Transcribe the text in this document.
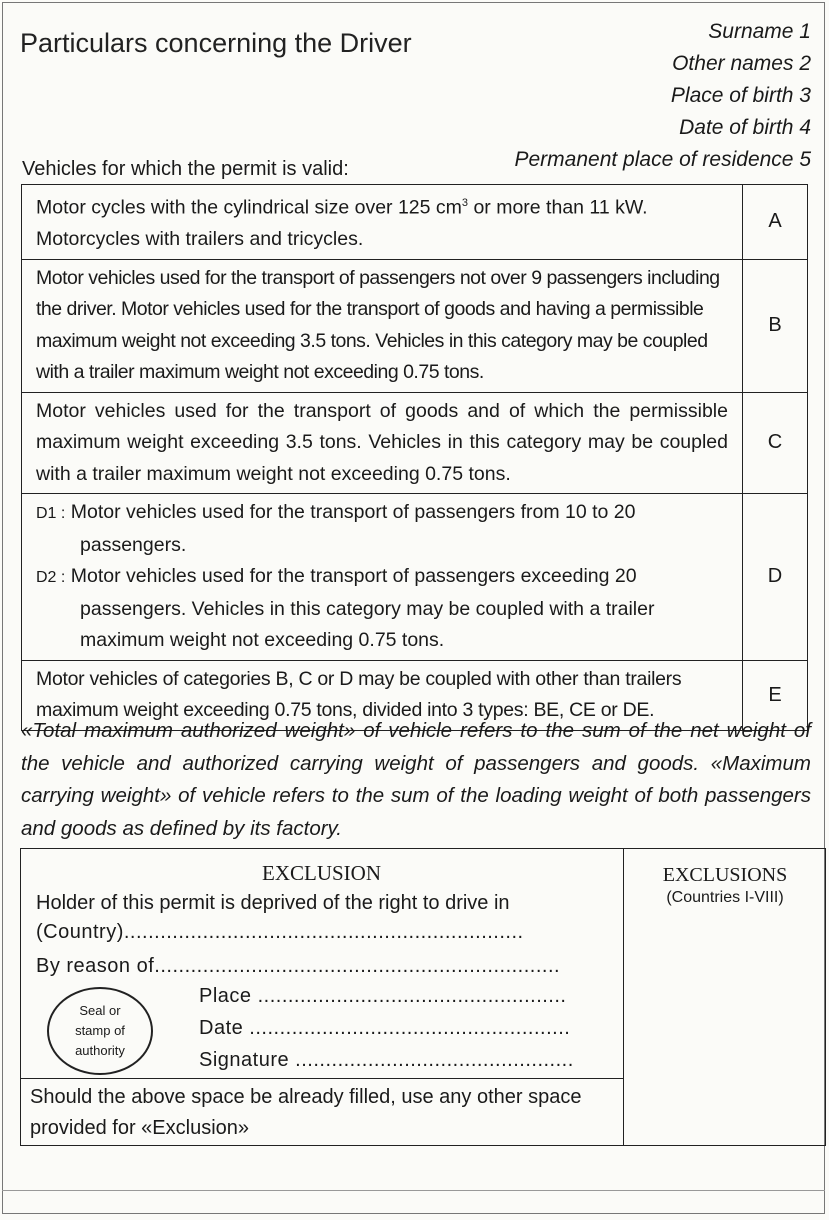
Particulars concerning the Driver	Surname 1
Other names 2
Place of birth 3
Date of birth 4
Permanent place of residence 5
Vehicles for which the permit is valid:
Motor cycles with the cylindrical size over 125 $cm^3$ or more than 11 kW.
Motorcycles with trailers and tricycles.	A
Motor vehicles used for the transport of passengers not over 9 passengers including the driver. Motor vehicles used for the transport of goods and having a permissible maximum weight not exceeding 3.5 tons. Vehicles in this category may be coupled with a trailer maximum weight not exceeding 0.75 tons.	B
Motor vehicles used for the transport of goods and of which the permissible maximum weight exceeding 3.5 tons. Vehicles in this category may be coupled with a trailer maximum weight not exceeding 0.75 tons.	C

D1 : Motor vehicles used for the transport of passengers from 10 to 20
passengers.
D2 : Motor vehicles used for the transport of passengers exceeding 20
passengers. Vehicles in this category may be coupled with a trailer maximum weight not exceeding 0.75 tons.	D
Motor vehicles of categories B, C or D may be coupled with other than trailers
maximum weight exceeding 0.75 tons, divided into 3 types: BE, CE or DE.	E
«Total maximum authorized weight» of vehicle refers to the sum of the net weight of the vehicle and authorized carrying weight of passengers and goods. «Maximum carrying weight» of vehicle refers to the sum of the loading weight of both passengers and goods as defined by its factory.
EXCLUSION
Holder of this permit is deprived of the right to drive in
(Country)..................................................................
By reason of...................................................................
Place ...................................................
Date .....................................................
Signature ..............................................
Seal or
stamp of
authority
Should the above space be already filled, use any other space provided for «Exclusion»
EXCLUSIONS
(Countries I-VIII)
